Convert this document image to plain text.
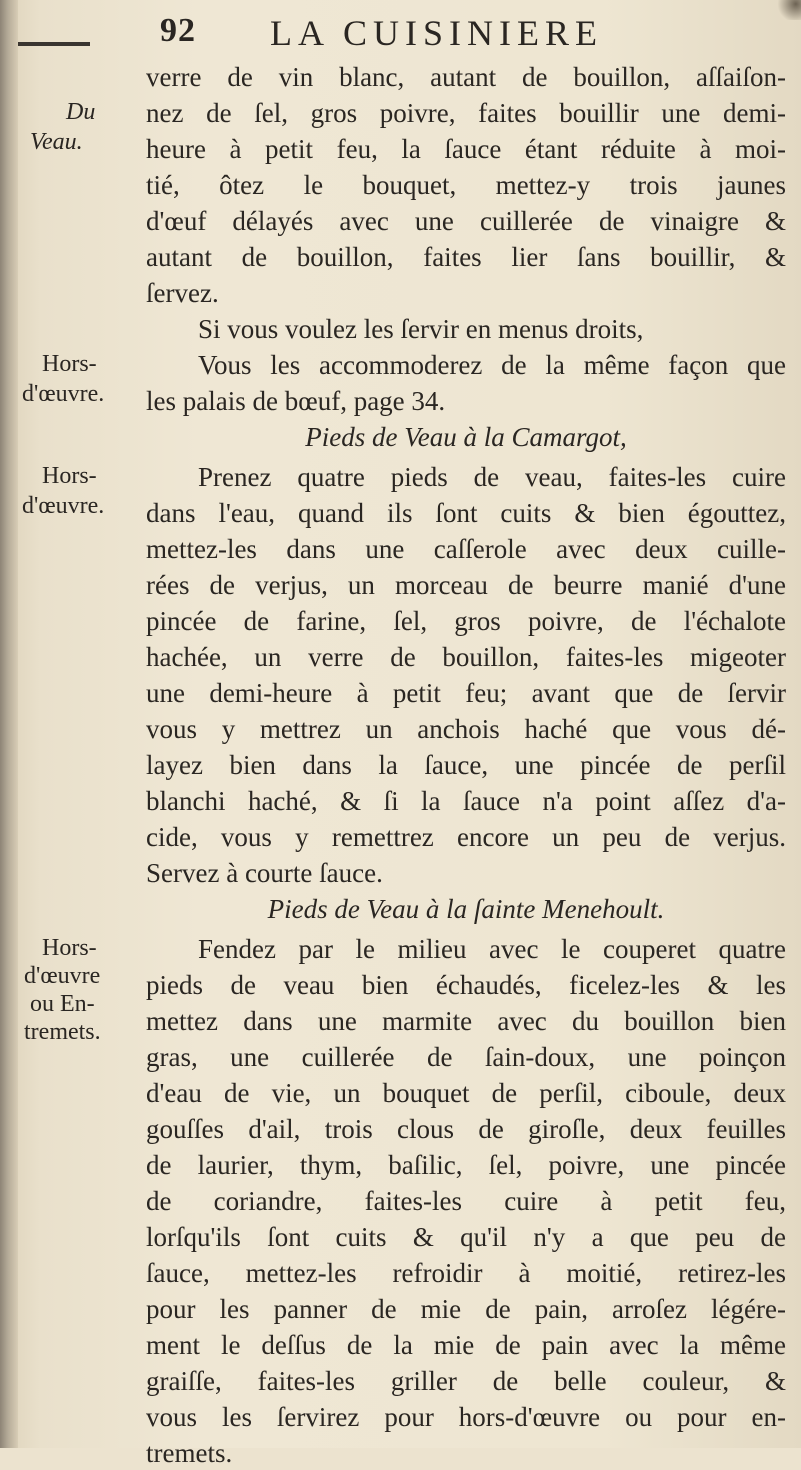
92 LA CUISINIERE
Du
Veau.
Hors-
d'œuvre.
Hors-
d'œuvre.
Hors-
d'œuvre
ou En-
tremets.
verre de vin blanc, autant de bouillon, aſſaiſon-
nez de ſel, gros poivre, faites bouillir une demi-
heure à petit feu, la ſauce étant réduite à moi-
tié, ôtez le bouquet, mettez-y trois jaunes
d'œuf délayés avec une cuillerée de vinaigre &
autant de bouillon, faites lier ſans bouillir, &
ſervez.
Si vous voulez les ſervir en menus droits,
Vous les accommoderez de la même façon que
les palais de bœuf, page 34.
Pieds de Veau à la Camargot,
Prenez quatre pieds de veau, faites-les cuire
dans l'eau, quand ils ſont cuits & bien égouttez,
mettez-les dans une caſſerole avec deux cuille-
rées de verjus, un morceau de beurre manié d'une
pincée de farine, ſel, gros poivre, de l'échalote
hachée, un verre de bouillon, faites-les migeoter
une demi-heure à petit feu; avant que de ſervir
vous y mettrez un anchois haché que vous dé-
layez bien dans la ſauce, une pincée de perſil
blanchi haché, & ſi la ſauce n'a point aſſez d'a-
cide, vous y remettrez encore un peu de verjus.
Servez à courte ſauce.
Pieds de Veau à la ſainte Menehoult.
Fendez par le milieu avec le couperet quatre
pieds de veau bien échaudés, ficelez-les & les
mettez dans une marmite avec du bouillon bien
gras, une cuillerée de ſain-doux, une poinçon
d'eau de vie, un bouquet de perſil, ciboule, deux
gouſſes d'ail, trois clous de giroſle, deux feuilles
de laurier, thym, baſilic, ſel, poivre, une pincée
de coriandre, faites-les cuire à petit feu,
lorſqu'ils ſont cuits & qu'il n'y a que peu de
ſauce, mettez-les refroidir à moitié, retirez-les
pour les panner de mie de pain, arroſez légére-
ment le deſſus de la mie de pain avec la même
graiſſe, faites-les griller de belle couleur, &
vous les ſervirez pour hors-d'œuvre ou pour en-
tremets.
